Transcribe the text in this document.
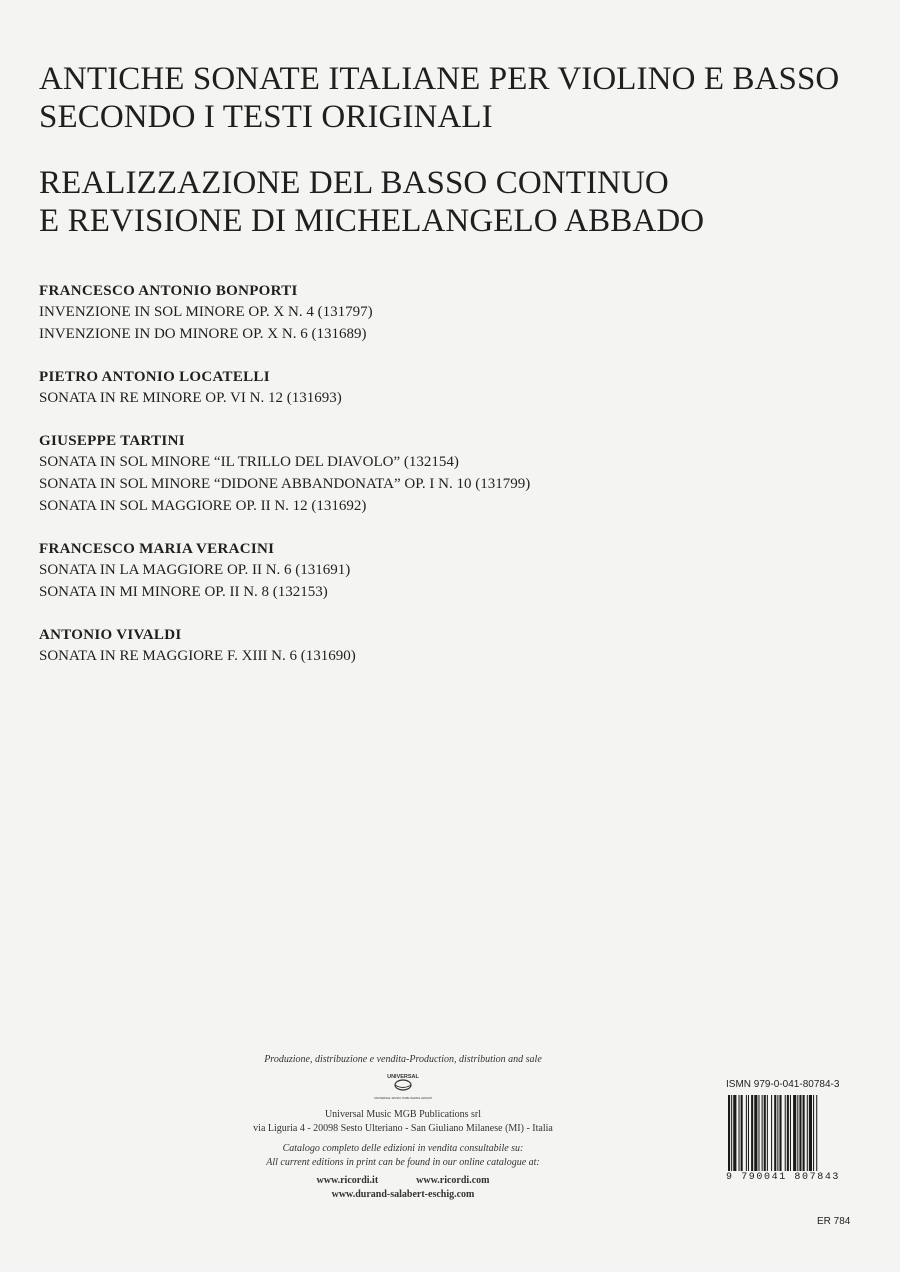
ANTICHE SONATE ITALIANE PER VIOLINO E BASSO
SECONDO I TESTI ORIGINALI
REALIZZAZIONE DEL BASSO CONTINUO
E REVISIONE DI MICHELANGELO ABBADO
FRANCESCO ANTONIO BONPORTI
INVENZIONE IN SOL MINORE OP. X N. 4 (131797)
INVENZIONE IN DO MINORE OP. X N. 6 (131689)
PIETRO ANTONIO LOCATELLI
SONATA IN RE MINORE OP. VI N. 12 (131693)
GIUSEPPE TARTINI
SONATA IN SOL MINORE “IL TRILLO DEL DIAVOLO” (132154)
SONATA IN SOL MINORE “DIDONE ABBANDONATA” OP. I N. 10 (131799)
SONATA IN SOL MAGGIORE OP. II N. 12 (131692)
FRANCESCO MARIA VERACINI
SONATA IN LA MAGGIORE OP. II N. 6 (131691)
SONATA IN MI MINORE OP. II N. 8 (132153)
ANTONIO VIVALDI
SONATA IN RE MAGGIORE F. XIII N. 6 (131690)
Produzione, distribuzione e vendita-Production, distribution and sale
UNIVERSAL
UNIVERSAL MUSIC PUBLISHING GROUP
Universal Music MGB Publications srl
via Liguria 4 - 20098 Sesto Ulteriano - San Giuliano Milanese (MI) - Italia
Catalogo completo delle edizioni in vendita consultabile su:
All current editions in print can be found in our online catalogue at:
www.ricordi.it	www.ricordi.com
www.durand-salabert-eschig.com
ISMN 979-0-041-80784-3
9 790041 807843
ER 784
